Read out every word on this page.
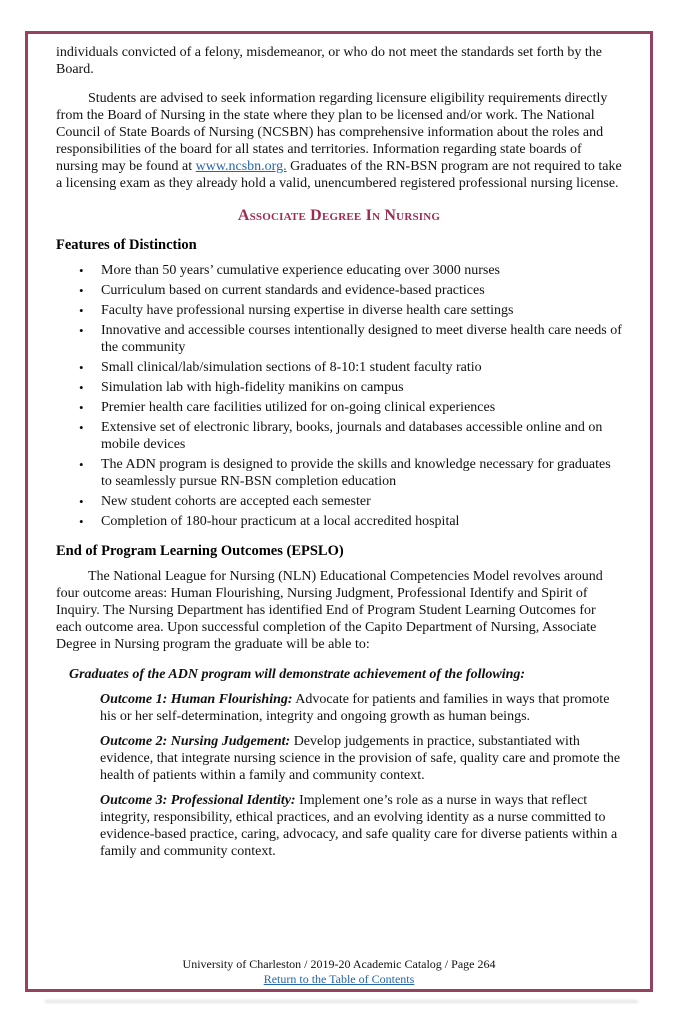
individuals convicted of a felony, misdemeanor, or who do not meet the standards set forth by the Board.

Students are advised to seek information regarding licensure eligibility requirements directly from the Board of Nursing in the state where they plan to be licensed and/or work. The National Council of State Boards of Nursing (NCSBN) has comprehensive information about the roles and responsibilities of the board for all states and territories. Information regarding state boards of nursing may be found at www.ncsbn.org. Graduates of the RN-BSN program are not required to take a licensing exam as they already hold a valid, unencumbered registered professional nursing license.

Associate Degree In Nursing
Features of Distinction
• More than 50 years’ cumulative experience educating over 3000 nurses
• Curriculum based on current standards and evidence-based practices
• Faculty have professional nursing expertise in diverse health care settings
• Innovative and accessible courses intentionally designed to meet diverse health care needs of the community
• Small clinical/lab/simulation sections of 8-10:1 student faculty ratio
• Simulation lab with high-fidelity manikins on campus
• Premier health care facilities utilized for on-going clinical experiences
• Extensive set of electronic library, books, journals and databases accessible online and on mobile devices
• The ADN program is designed to provide the skills and knowledge necessary for graduates to seamlessly pursue RN-BSN completion education
• New student cohorts are accepted each semester
• Completion of 180-hour practicum at a local accredited hospital
End of Program Learning Outcomes (EPSLO)

The National League for Nursing (NLN) Educational Competencies Model revolves around four outcome areas: Human Flourishing, Nursing Judgment, Professional Identify and Spirit of Inquiry. The Nursing Department has identified End of Program Student Learning Outcomes for each outcome area. Upon successful completion of the Capito Department of Nursing, Associate Degree in Nursing program the graduate will be able to:

Graduates of the ADN program will demonstrate achievement of the following:

Outcome 1: Human Flourishing: Advocate for patients and families in ways that promote his or her self-determination, integrity and ongoing growth as human beings.

Outcome 2: Nursing Judgement: Develop judgements in practice, substantiated with evidence, that integrate nursing science in the provision of safe, quality care and promote the health of patients within a family and community context.

Outcome 3: Professional Identity: Implement one’s role as a nurse in ways that reflect integrity, responsibility, ethical practices, and an evolving identity as a nurse committed to evidence-based practice, caring, advocacy, and safe quality care for diverse patients within a family and community context.

University of Charleston / 2019-20 Academic Catalog / Page 264
Return to the Table of Contents
